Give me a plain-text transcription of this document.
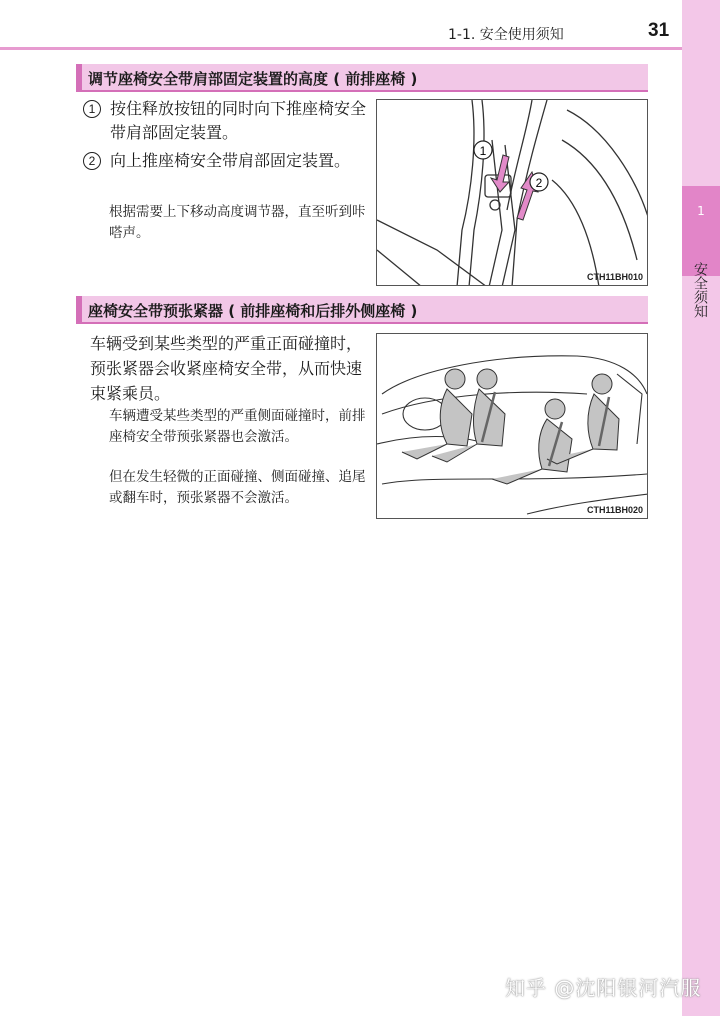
1-1. 安全使用须知	31
1
安全须知
调节座椅安全带肩部固定装置的高度 ( 前排座椅 )
1 按住释放按钮的同时向下推座椅安全带肩部固定装置。
2 向上推座椅安全带肩部固定装置。
根据需要上下移动高度调节器，直至听到咔嗒声。
1
2
CTH11BH010
座椅安全带预张紧器 ( 前排座椅和后排外侧座椅 )
车辆受到某些类型的严重正面碰撞时，预张紧器会收紧座椅安全带，从而快速束紧乘员。
车辆遭受某些类型的严重侧面碰撞时，前排座椅安全带预张紧器也会激活。
但在发生轻微的正面碰撞、侧面碰撞、追尾或翻车时，预张紧器不会激活。
CTH11BH020
知乎 @沈阳银河汽服
